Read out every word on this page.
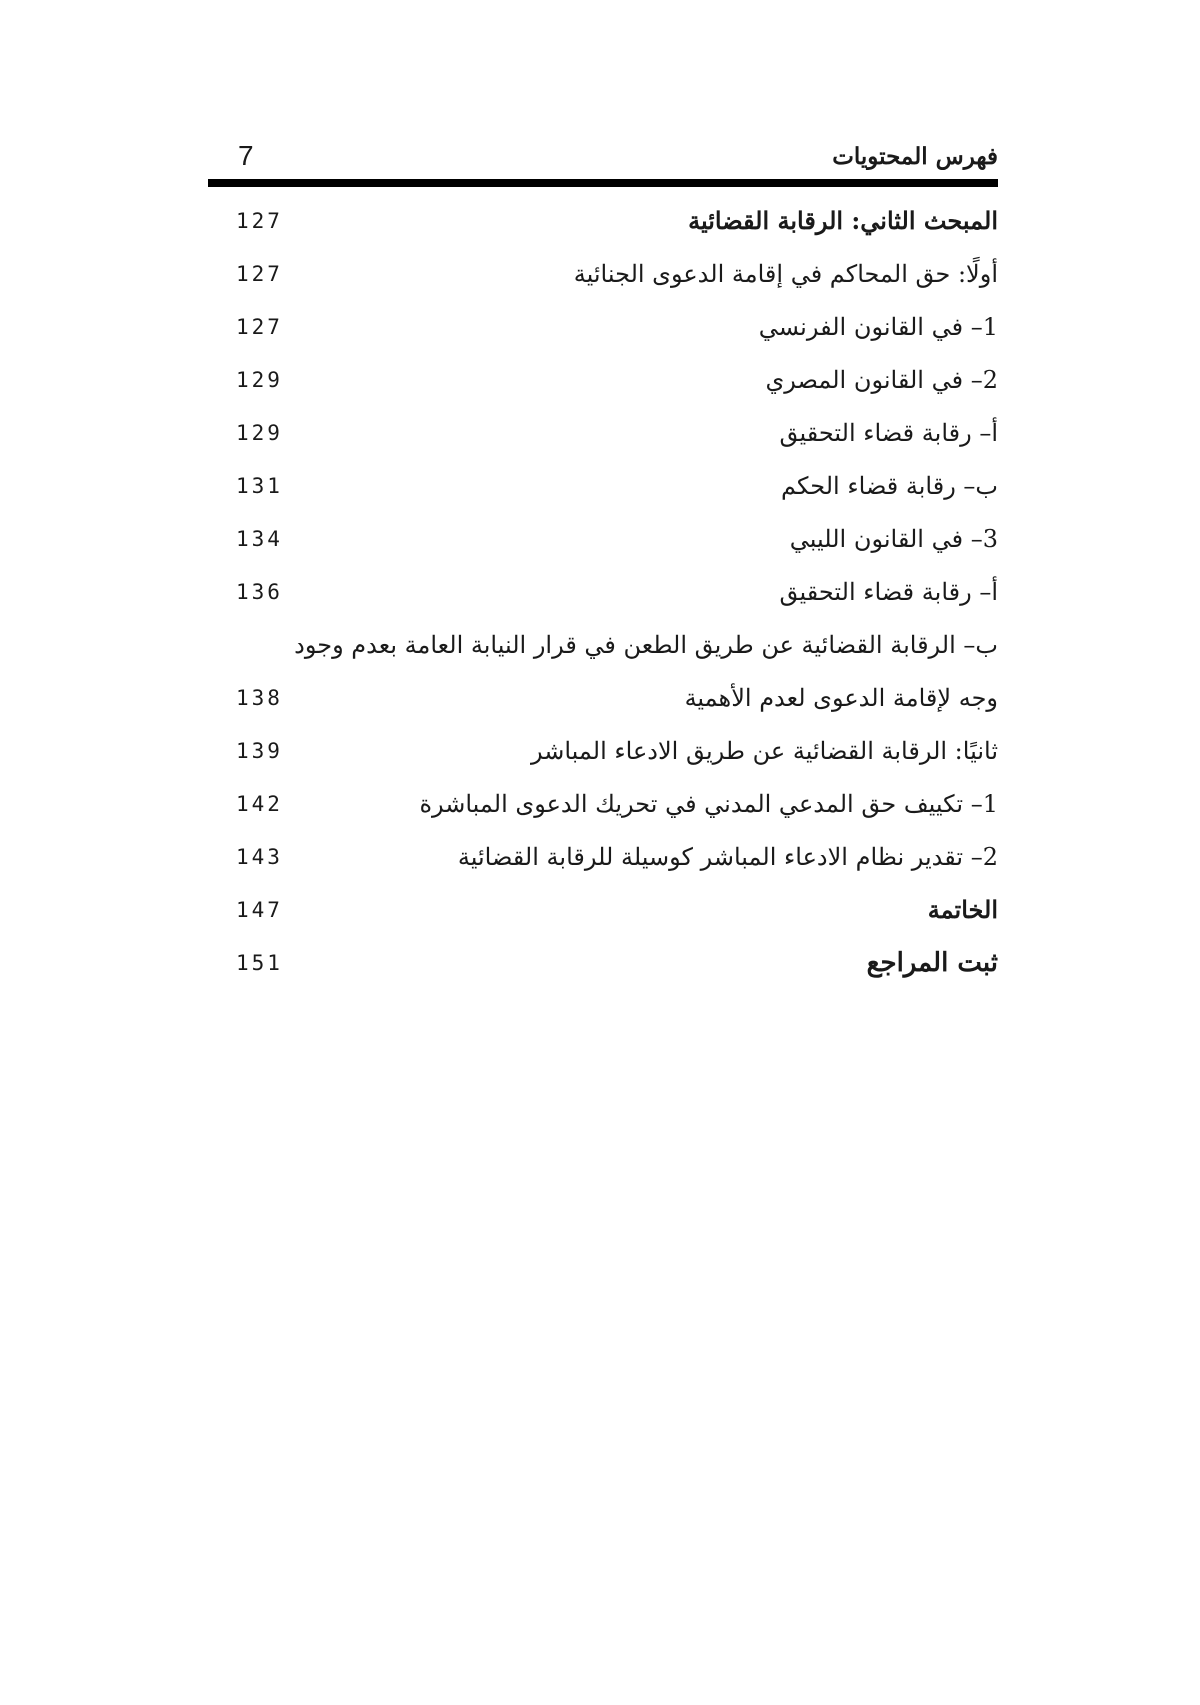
7	فهرس المحتويات
المبحث الثاني: الرقابة القضائية
127
أولًا: حق المحاكم في إقامة الدعوى الجنائية
127
1– في القانون الفرنسي
127
2– في القانون المصري
129
أ– رقابة قضاء التحقيق
129
ب– رقابة قضاء الحكم
131
3– في القانون الليبي
134
أ– رقابة قضاء التحقيق
136
ب– الرقابة القضائية عن طريق الطعن في قرار النيابة العامة بعدم وجود
وجه لإقامة الدعوى لعدم الأهمية
138
ثانيًا: الرقابة القضائية عن طريق الادعاء المباشر
139
1– تكييف حق المدعي المدني في تحريك الدعوى المباشرة
142
2– تقدير نظام الادعاء المباشر كوسيلة للرقابة القضائية
143
الخاتمة
147
ثبت المراجع
151
